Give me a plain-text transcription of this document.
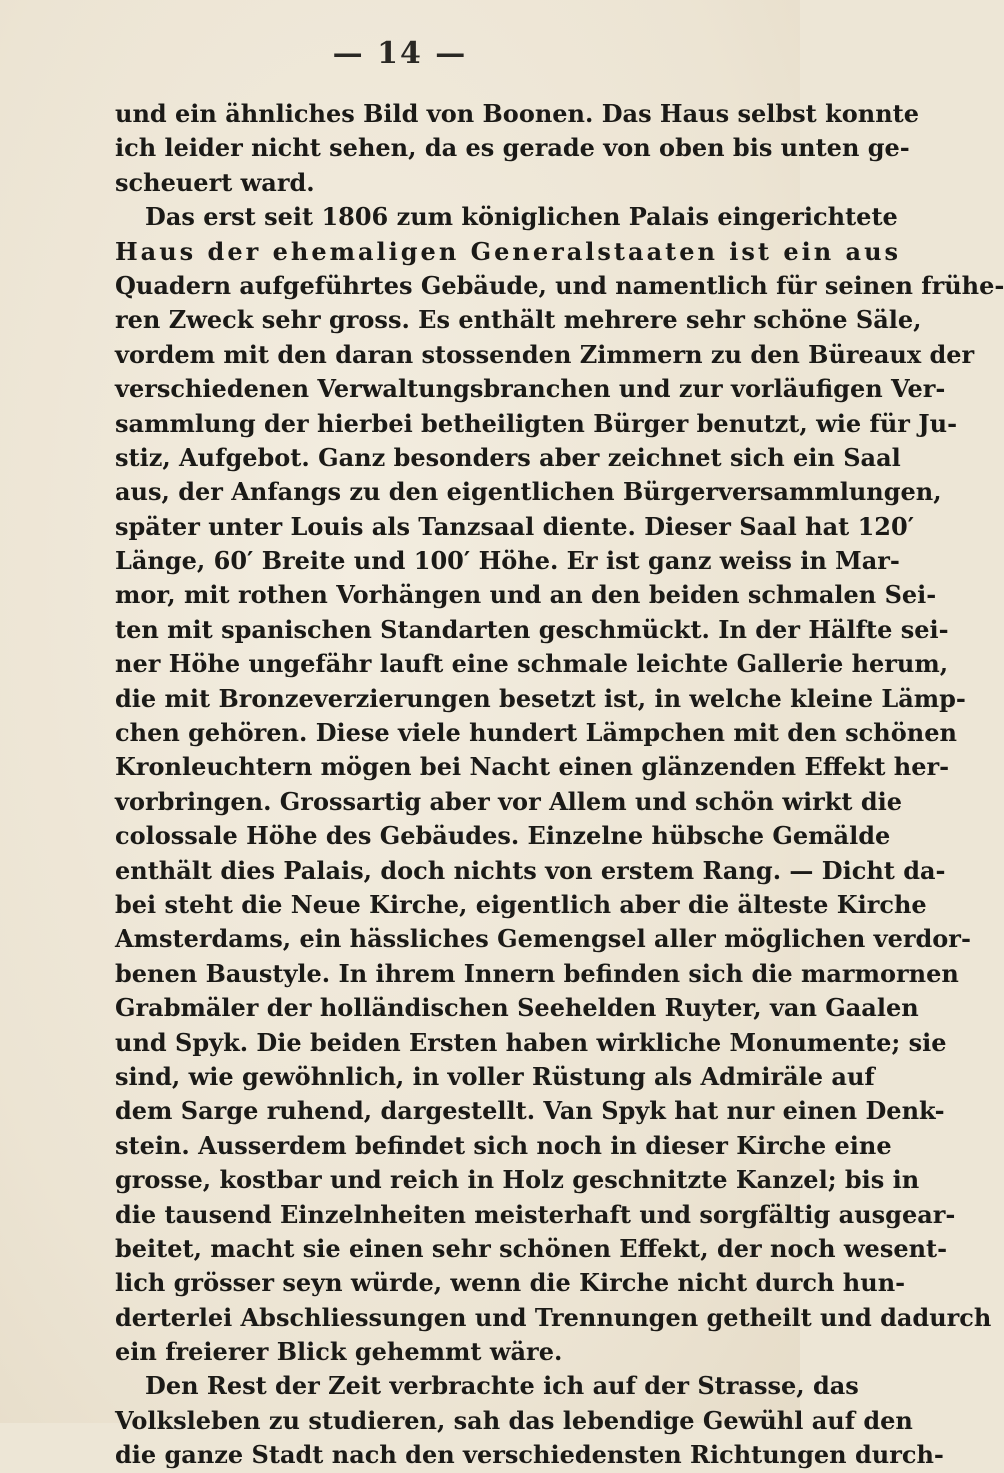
— 14 —
und ein ähnliches Bild von Boonen. Das Haus selbst konnte
ich leider nicht sehen, da es gerade von oben bis unten ge-
scheuert ward.
Das erst seit 1806 zum königlichen Palais eingerichtete
Haus der ehemaligen Generalstaaten ist ein aus
Quadern aufgeführtes Gebäude, und namentlich für seinen frühe-
ren Zweck sehr gross. Es enthält mehrere sehr schöne Säle,
vordem mit den daran stossenden Zimmern zu den Büreaux der
verschiedenen Verwaltungsbranchen und zur vorläufigen Ver-
sammlung der hierbei betheiligten Bürger benutzt, wie für Ju-
stiz, Aufgebot. Ganz besonders aber zeichnet sich ein Saal
aus, der Anfangs zu den eigentlichen Bürgerversammlungen,
später unter Louis als Tanzsaal diente. Dieser Saal hat 120′
Länge, 60′ Breite und 100′ Höhe. Er ist ganz weiss in Mar-
mor, mit rothen Vorhängen und an den beiden schmalen Sei-
ten mit spanischen Standarten geschmückt. In der Hälfte sei-
ner Höhe ungefähr lauft eine schmale leichte Gallerie herum,
die mit Bronzeverzierungen besetzt ist, in welche kleine Lämp-
chen gehören. Diese viele hundert Lämpchen mit den schönen
Kronleuchtern mögen bei Nacht einen glänzenden Effekt her-
vorbringen. Grossartig aber vor Allem und schön wirkt die
colossale Höhe des Gebäudes. Einzelne hübsche Gemälde
enthält dies Palais, doch nichts von erstem Rang. — Dicht da-
bei steht die Neue Kirche, eigentlich aber die älteste Kirche
Amsterdams, ein hässliches Gemengsel aller möglichen verdor-
benen Baustyle. In ihrem Innern befinden sich die marmornen
Grabmäler der holländischen Seehelden Ruyter, van Gaalen
und Spyk. Die beiden Ersten haben wirkliche Monumente; sie
sind, wie gewöhnlich, in voller Rüstung als Admiräle auf
dem Sarge ruhend, dargestellt. Van Spyk hat nur einen Denk-
stein. Ausserdem befindet sich noch in dieser Kirche eine
grosse, kostbar und reich in Holz geschnitzte Kanzel; bis in
die tausend Einzelnheiten meisterhaft und sorgfältig ausgear-
beitet, macht sie einen sehr schönen Effekt, der noch wesent-
lich grösser seyn würde, wenn die Kirche nicht durch hun-
derterlei Abschliessungen und Trennungen getheilt und dadurch
ein freierer Blick gehemmt wäre.
Den Rest der Zeit verbrachte ich auf der Strasse, das
Volksleben zu studieren, sah das lebendige Gewühl auf den
die ganze Stadt nach den verschiedensten Richtungen durch-
